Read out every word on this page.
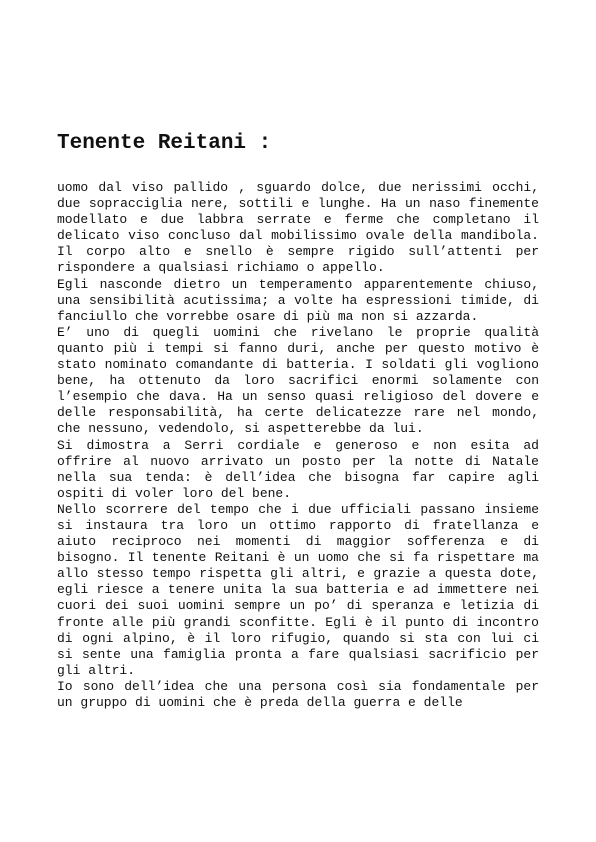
Tenente Reitani :

uomo dal viso pallido , sguardo dolce, due nerissimi occhi, due sopracciglia nere, sottili e lunghe. Ha un naso finemente modellato e due labbra serrate e ferme che completano il delicato viso concluso dal mobilissimo ovale della mandibola. Il corpo alto e snello è sempre rigido sull’attenti per rispondere a qualsiasi richiamo o appello.

Egli nasconde dietro un temperamento apparentemente chiuso, una sensibilità acutissima; a volte ha espressioni timide, di fanciullo che vorrebbe osare di più ma non si azzarda.

E’ uno di quegli uomini che rivelano le proprie qualità quanto più i tempi si fanno duri, anche per questo motivo è stato nominato comandante di batteria. I soldati gli vogliono bene, ha ottenuto da loro sacrifici enormi solamente con l’esempio che dava. Ha un senso quasi religioso del dovere e delle responsabilità, ha certe delicatezze rare nel mondo, che nessuno, vedendolo, si aspetterebbe da lui.

Si dimostra a Serri cordiale e generoso e non esita ad offrire al nuovo arrivato un posto per la notte di Natale nella sua tenda: è dell’idea che bisogna far capire agli ospiti di voler loro del bene.

Nello scorrere del tempo che i due ufficiali passano insieme si instaura tra loro un ottimo rapporto di fratellanza e aiuto reciproco nei momenti di maggior sofferenza e di bisogno. Il tenente Reitani è un uomo che si fa rispettare ma allo stesso tempo rispetta gli altri, e grazie a questa dote, egli riesce a tenere unita la sua batteria e ad immettere nei cuori dei suoi uomini sempre un po’ di speranza e letizia di fronte alle più grandi sconfitte. Egli è il punto di incontro di ogni alpino, è il loro rifugio, quando si sta con lui ci si sente una famiglia pronta a fare qualsiasi sacrificio per gli altri.

Io sono dell’idea che una persona così sia fondamentale per un gruppo di uomini che è preda della guerra e delle
